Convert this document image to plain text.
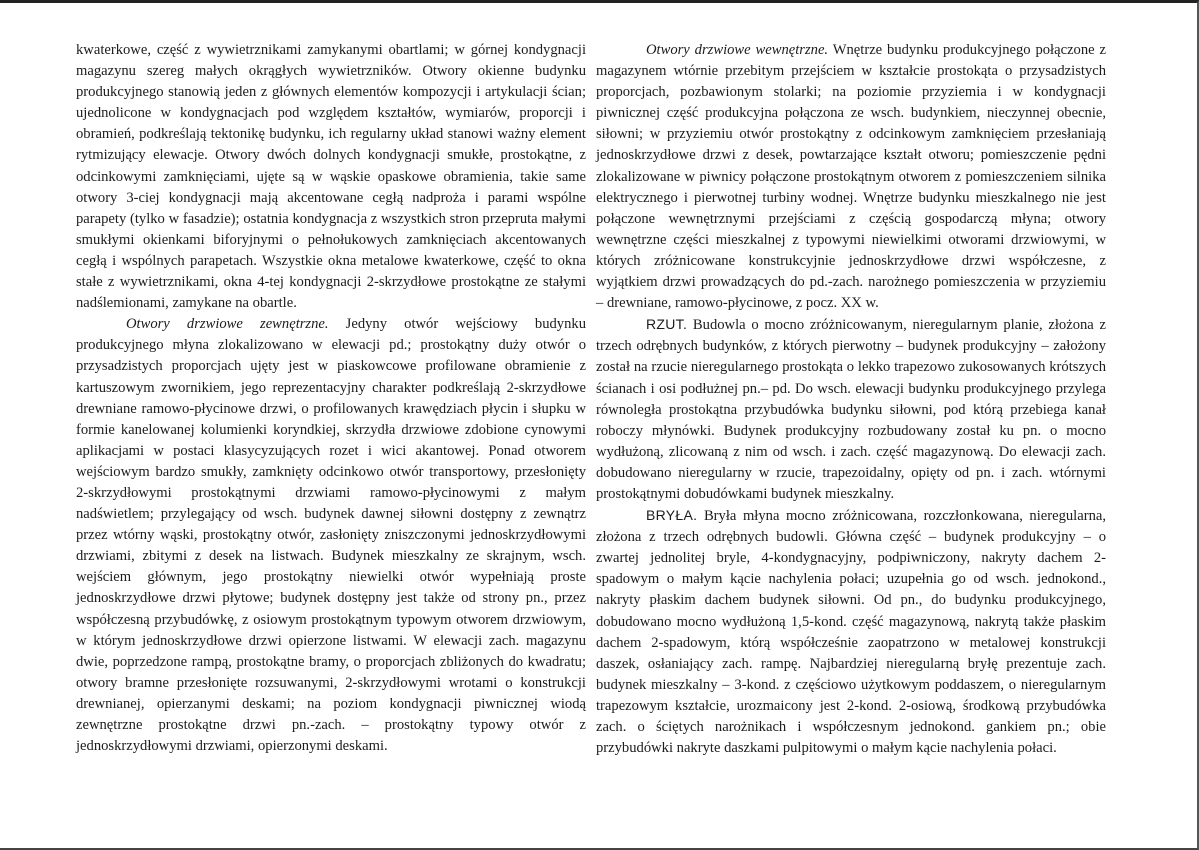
kwaterkowe, część z wywietrznikami zamykanymi obartlami; w górnej kondygnacji magazynu szereg małych okrągłych wywietrzników. Otwory okienne budynku produkcyjnego stanowią jeden z głównych elementów kompozycji i artykulacji ścian; ujednolicone w kondygnacjach pod względem kształtów, wymiarów, proporcji i obramień, podkreślają tektonikę budynku, ich regularny układ stanowi ważny element rytmizujący elewacje. Otwory dwóch dolnych kondygnacji smukłe, prostokątne, z odcinkowymi zamknięciami, ujęte są w wąskie opaskowe obramienia, takie same otwory 3-ciej kondygnacji mają akcentowane cegłą nadproża i parami wspólne parapety (tylko w fasadzie); ostatnia kondygnacja z wszystkich stron przepruta małymi smukłymi okienkami biforyjnymi o pełnołukowych zamknięciach akcentowanych cegłą i wspólnych parapetach. Wszystkie okna metalowe kwaterkowe, część to okna stałe z wywietrznikami, okna 4-tej kondygnacji 2-skrzydłowe prostokątne ze stałymi nadślemionami, zamykane na obartle.

Otwory drzwiowe zewnętrzne. Jedyny otwór wejściowy budynku produkcyjnego młyna zlokalizowano w elewacji pd.; prostokątny duży otwór o przysadzistych proporcjach ujęty jest w piaskowcowe profilowane obramienie z kartuszowym zwornikiem, jego reprezentacyjny charakter podkreślają 2-skrzydłowe drewniane ramowo-płycinowe drzwi, o profilowanych krawędziach płycin i słupku w formie kanelowanej kolumienki koryndkiej, skrzydła drzwiowe zdobione cynowymi aplikacjami w postaci klasycyzujących rozet i wici akantowej. Ponad otworem wejściowym bardzo smukły, zamknięty odcinkowo otwór transportowy, przesłonięty 2-skrzydłowymi prostokątnymi drzwiami ramowo-płycinowymi z małym nadświetlem; przylegający od wsch. budynek dawnej siłowni dostępny z zewnątrz przez wtórny wąski, prostokątny otwór, zasłonięty zniszczonymi jednoskrzydłowymi drzwiami, zbitymi z desek na listwach. Budynek mieszkalny ze skrajnym, wsch. wejściem głównym, jego prostokątny niewielki otwór wypełniają proste jednoskrzydłowe drzwi płytowe; budynek dostępny jest także od strony pn., przez współczesną przybudówkę, z osiowym prostokątnym typowym otworem drzwiowym, w którym jednoskrzydłowe drzwi opierzone listwami. W elewacji zach. magazynu dwie, poprzedzone rampą, prostokątne bramy, o proporcjach zbliżonych do kwadratu; otwory bramne przesłonięte rozsuwanymi, 2-skrzydłowymi wrotami o konstrukcji drewnianej, opierzanymi deskami; na poziom kondygnacji piwnicznej wiodą zewnętrzne prostokątne drzwi pn.-zach. – prostokątny typowy otwór z jednoskrzydłowymi drzwiami, opierzonymi deskami.

Otwory drzwiowe wewnętrzne. Wnętrze budynku produkcyjnego połączone z magazynem wtórnie przebitym przejściem w kształcie prostokąta o przysadzistych proporcjach, pozbawionym stolarki; na poziomie przyziemia i w kondygnacji piwnicznej część produkcyjna połączona ze wsch. budynkiem, nieczynnej obecnie, siłowni; w przyziemiu otwór prostokątny z odcinkowym zamknięciem przesłaniają jednoskrzydłowe drzwi z desek, powtarzające kształt otworu; pomieszczenie pędni zlokalizowane w piwnicy połączone prostokątnym otworem z pomieszczeniem silnika elektrycznego i pierwotnej turbiny wodnej. Wnętrze budynku mieszkalnego nie jest połączone wewnętrznymi przejściami z częścią gospodarczą młyna; otwory wewnętrzne części mieszkalnej z typowymi niewielkimi otworami drzwiowymi, w których zróżnicowane konstrukcyjnie jednoskrzydłowe drzwi współczesne, z wyjątkiem drzwi prowadzących do pd.-zach. narożnego pomieszczenia w przyziemiu – drewniane, ramowo-płycinowe, z pocz. XX w.

RZUT. Budowla o mocno zróżnicowanym, nieregularnym planie, złożona z trzech odrębnych budynków, z których pierwotny – budynek produkcyjny – założony został na rzucie nieregularnego prostokąta o lekko trapezowo zukosowanych krótszych ścianach i osi podłużnej pn.– pd. Do wsch. elewacji budynku produkcyjnego przylega równoległa prostokątna przybudówka budynku siłowni, pod którą przebiega kanał roboczy młynówki. Budynek produkcyjny rozbudowany został ku pn. o mocno wydłużoną, zlicowaną z nim od wsch. i zach. część magazynową. Do elewacji zach. dobudowano nieregularny w rzucie, trapezoidalny, opięty od pn. i zach. wtórnymi prostokątnymi dobudówkami budynek mieszkalny.

BRYŁA. Bryła młyna mocno zróżnicowana, rozczłonkowana, nieregularna, złożona z trzech odrębnych budowli. Główna część – budynek produkcyjny – o zwartej jednolitej bryle, 4-kondygnacyjny, podpiwniczony, nakryty dachem 2-spadowym o małym kącie nachylenia połaci; uzupełnia go od wsch. jednokond., nakryty płaskim dachem budynek siłowni. Od pn., do budynku produkcyjnego, dobudowano mocno wydłużoną 1,5-kond. część magazynową, nakrytą także płaskim dachem 2-spadowym, którą współcześnie zaopatrzono w metalowej konstrukcji daszek, osłaniający zach. rampę. Najbardziej nieregularną bryłę prezentuje zach. budynek mieszkalny – 3-kond. z częściowo użytkowym poddaszem, o nieregularnym trapezowym kształcie, urozmaicony jest 2-kond. 2-osiową, środkową przybudówka zach. o ściętych narożnikach i współczesnym jednokond. gankiem pn.; obie przybudówki nakryte daszkami pulpitowymi o małym kącie nachylenia połaci.
